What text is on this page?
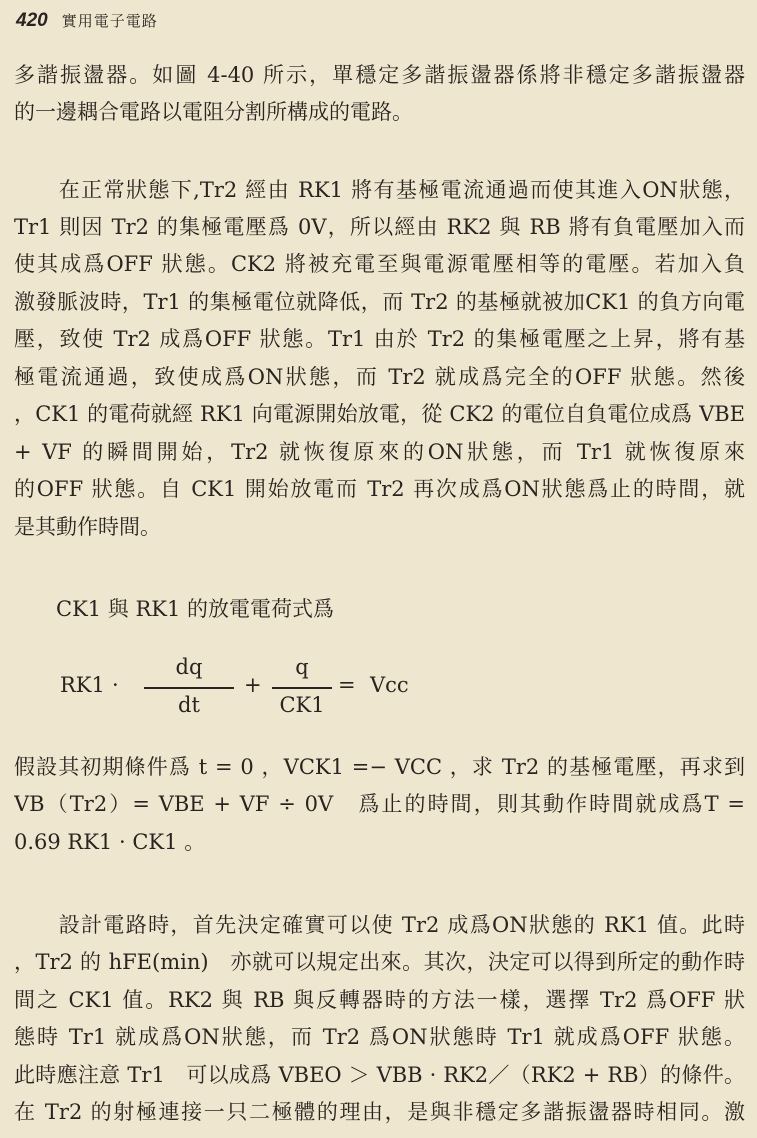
420 實用電子電路
多諧振盪器。如圖 4-40 所示，單穩定多諧振盪器係將非穩定多諧振盪器
的一邊耦合電路以電阻分割所構成的電路。
　　在正常狀態下,Tr2 經由 RK1 將有基極電流通過而使其進入ON狀態，
Tr1 則因 Tr2 的集極電壓爲 0V，所以經由 RK2 與 RB 將有負電壓加入而
使其成爲OFF 狀態。CK2 將被充電至與電源電壓相等的電壓。若加入負
激發脈波時，Tr1 的集極電位就降低，而 Tr2 的基極就被加CK1 的負方向電
壓，致使 Tr2 成爲OFF 狀態。Tr1 由於 Tr2 的集極電壓之上昇，將有基
極電流通過，致使成爲ON狀態，而 Tr2 就成爲完全的OFF 狀態。然後
，CK1 的電荷就經 RK1 向電源開始放電，從 CK2 的電位自負電位成爲 VBE
+ VF 的瞬間開始，Tr2 就恢復原來的ON狀態，而 Tr1 就恢復原來
的OFF 狀態。自 CK1 開始放電而 Tr2 再次成爲ON狀態爲止的時間，就
是其動作時間。
　　CK1 與 RK1 的放電電荷式爲
RK1 ·
dq
dt
+
q
CK1
= Vcc
假設其初期條件爲 t = 0 ，VCK1 =− VCC ，求 Tr2 的基極電壓，再求到
VB（Tr2）= VBE + VF ÷ 0V　爲止的時間，則其動作時間就成爲T =
0.69 RK1 · CK1 。
　　設計電路時，首先決定確實可以使 Tr2 成爲ON狀態的 RK1 值。此時
，Tr2 的 hFE(min)　亦就可以規定出來。其次，決定可以得到所定的動作時
間之 CK1 值。RK2 與 RB 與反轉器時的方法一樣，選擇 Tr2 爲OFF 狀
態時 Tr1 就成爲ON狀態，而 Tr2 爲ON狀態時 Tr1 就成爲OFF 狀態。
此時應注意 Tr1　可以成爲 VBEO ＞ VBB · RK2／（RK2 + RB）的條件。
在 Tr2 的射極連接一只二極體的理由，是與非穩定多諧振盪器時相同。激
